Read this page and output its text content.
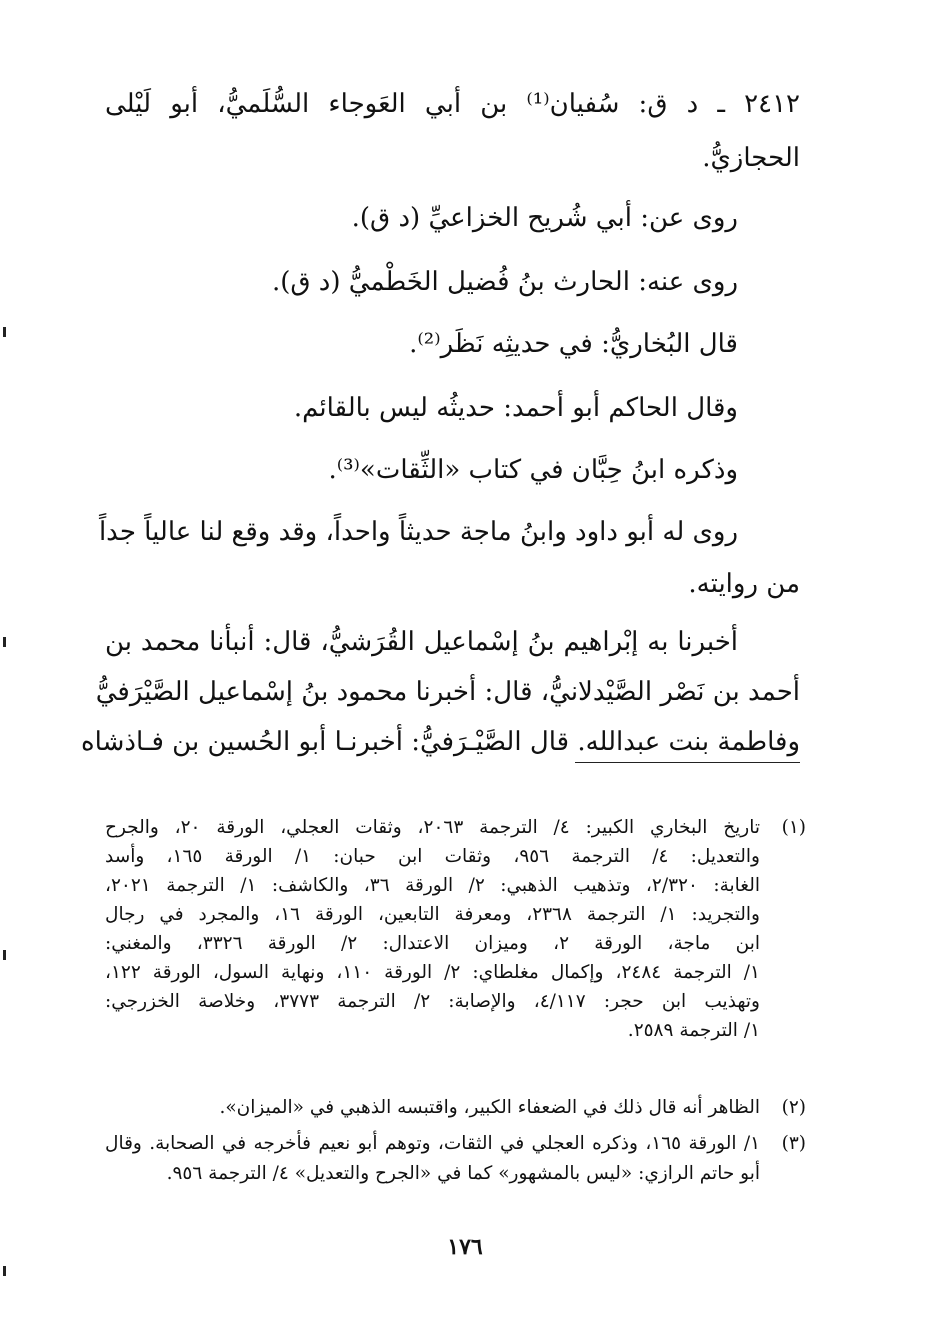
٢٤١٢ ـ د ق: سُفيان⁽¹⁾ بن أبي العَوجاء السُّلَميُّ، أبو لَيْلى
الحجازيُّ.
روى عن: أبي شُريح الخزاعيِّ (د ق).
روى عنه: الحارث بنُ فُضيل الخَطْميُّ (د ق).
قال البُخاريُّ: في حديثِه نَظَر⁽²⁾.
وقال الحاكم أبو أحمد: حديثُه ليس بالقائم.
وذكره ابنُ حِبَّان في كتاب «الثِّقات»⁽³⁾.
روى له أبو داود وابنُ ماجة حديثاً واحداً، وقد وقع لنا عالياً جداً
من روايته.
أخبرنا به إبْراهيم بنُ إسْماعيل القُرَشيُّ، قال: أنبأنا محمد بن
أحمد بن نَصْر الصَّيْدلانيُّ، قال: أخبرنا محمود بنُ إسْماعيل الصَّيْرَفيُّ
وفاطمة بنت عبدالله. قال الصَّيْـرَفيُّ: أخبرنـا أبو الحُسين بن فـاذشاه
(١)
تاريخ البخاري الكبير: ٤/ الترجمة ٢٠٦٣، وثقات العجلي، الورقة ٢٠، والجرح
والتعديل: ٤/ الترجمة ٩٥٦، وثقات ابن حبان: ١/ الورقة ١٦٥، وأسد
الغابة: ٢/٣٢٠، وتذهيب الذهبي: ٢/ الورقة ٣٦، والكاشف: ١/ الترجمة ٢٠٢١،
والتجريد: ١/ الترجمة ٢٣٦٨، ومعرفة التابعين، الورقة ١٦، والمجرد في رجال
ابن ماجة، الورقة ٢، وميزان الاعتدال: ٢/ الورقة ٣٣٢٦، والمغني:
١/ الترجمة ٢٤٨٤، وإكمال مغلطاي: ٢/ الورقة ١١٠، ونهاية السول، الورقة ١٢٢،
وتهذيب ابن حجر: ٤/١١٧، والإصابة: ٢/ الترجمة ٣٧٧٣، وخلاصة الخزرجي:
١/ الترجمة ٢٥٨٩.
(٢)
الظاهر أنه قال ذلك في الضعفاء الكبير، واقتبسه الذهبي في «الميزان».
(٣)
١/ الورقة ١٦٥، وذكره العجلي في الثقات، وتوهم أبو نعيم فأخرجه في الصحابة. وقال
أبو حاتم الرازي: «ليس بالمشهور» كما في «الجرح والتعديل» ٤/ الترجمة ٩٥٦.
١٧٦
